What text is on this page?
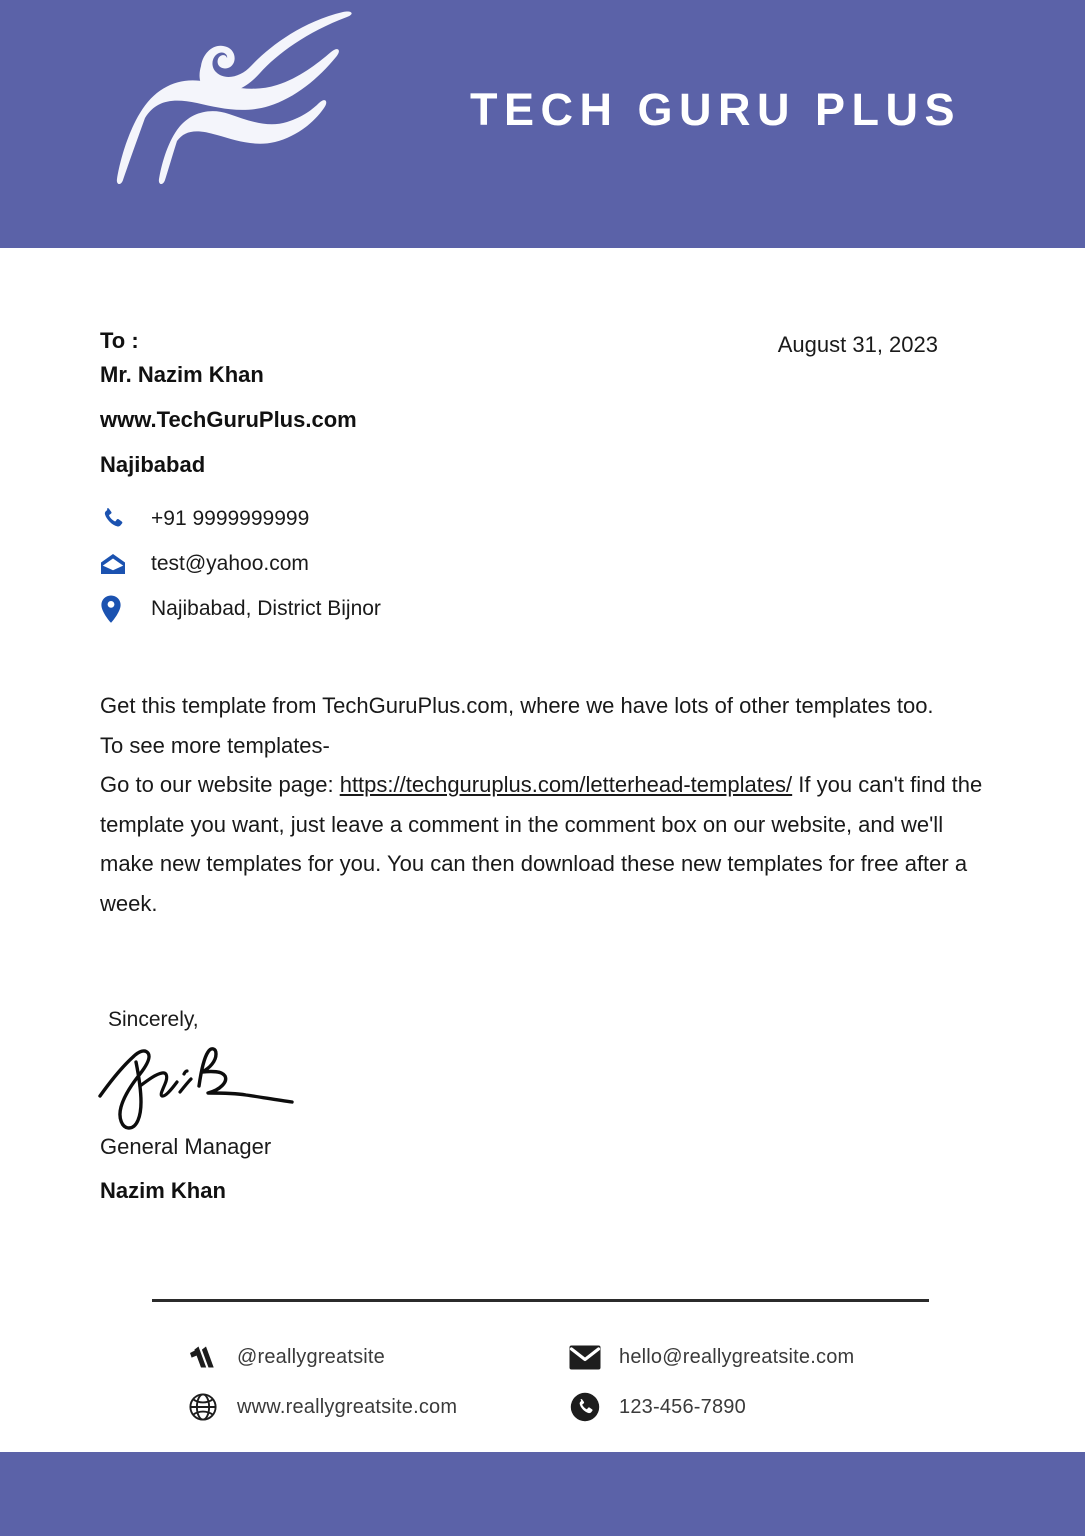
TECH GURU PLUS
August 31, 2023
To :
Mr. Nazim Khan
www.TechGuruPlus.com
Najibabad
+91 9999999999
test@yahoo.com
Najibabad, District Bijnor
Get this template from TechGuruPlus.com, where we have lots of other templates too.
To see more templates-
Go to our website page: https://techguruplus.com/letterhead-templates/ If you can't find the template you want, just leave a comment in the comment box on our website, and we'll make new templates for you. You can then download these new templates for free after a week.
Sincerely,
General Manager
Nazim Khan
@reallygreatsite
www.reallygreatsite.com
hello@reallygreatsite.com
123-456-7890
